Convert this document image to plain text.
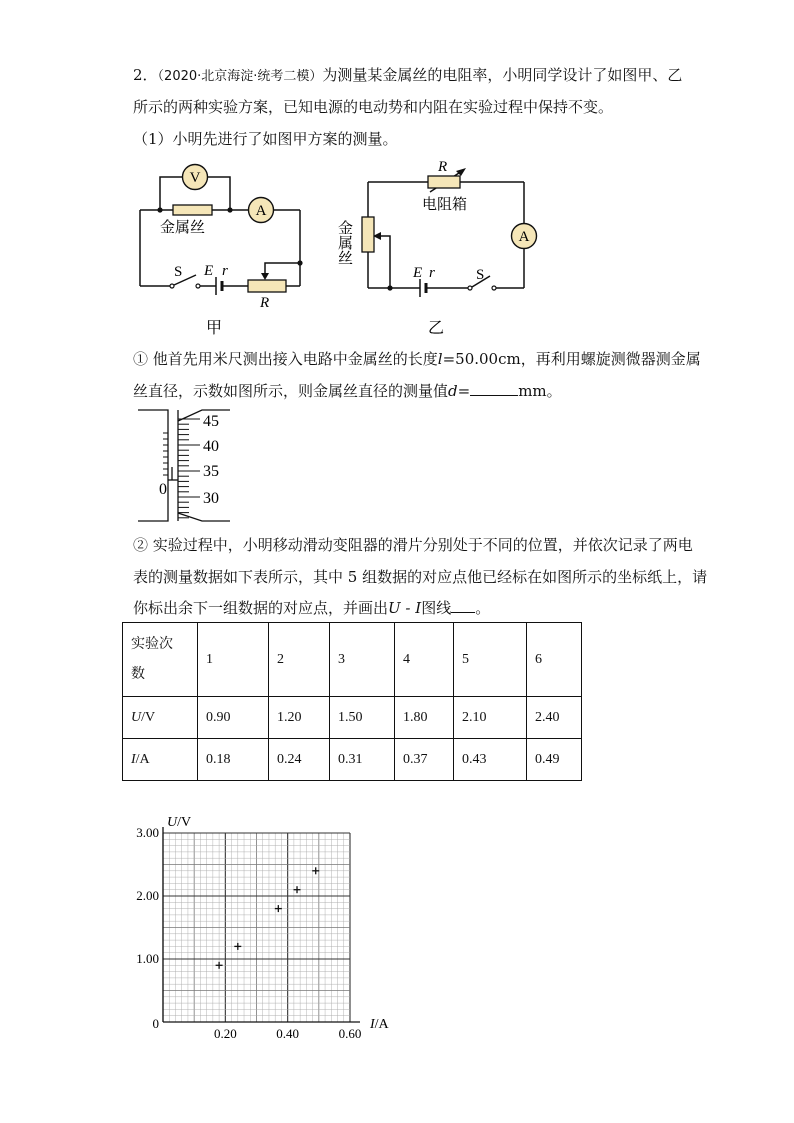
2．（2020·北京海淀·统考二模）为测量某金属丝的电阻率，小明同学设计了如图甲、乙
所示的两种实验方案，已知电源的电动势和内阻在实验过程中保持不变。
（1）小明先进行了如图甲方案的测量。
V
A
金属丝
S E r
R
甲
A
R
电阻箱
金属丝
E r	S
乙
① 他首先用米尺测出接入电路中金属丝的长度l=50.00cm，再利用螺旋测微器测金属
丝直径，示数如图所示，则金属丝直径的测量值d=	mm。
0
45
40
35
30
② 实验过程中，小明移动滑动变阻器的滑片分别处于不同的位置，并依次记录了两电
表的测量数据如下表所示，其中 5 组数据的对应点他已经标在如图所示的坐标纸上，请
你标出余下一组数据的对应点，并画出U - I图线 。
实验次
数	1	2	3	4	5	6
U/V	0.90	1.20	1.50	1.80	2.10	2.40
I/A	0.18	0.24	0.31	0.37	0.43	0.49
0.20	0.40	0.60
1.00
2.00
3.00
U/V
I/A
0
